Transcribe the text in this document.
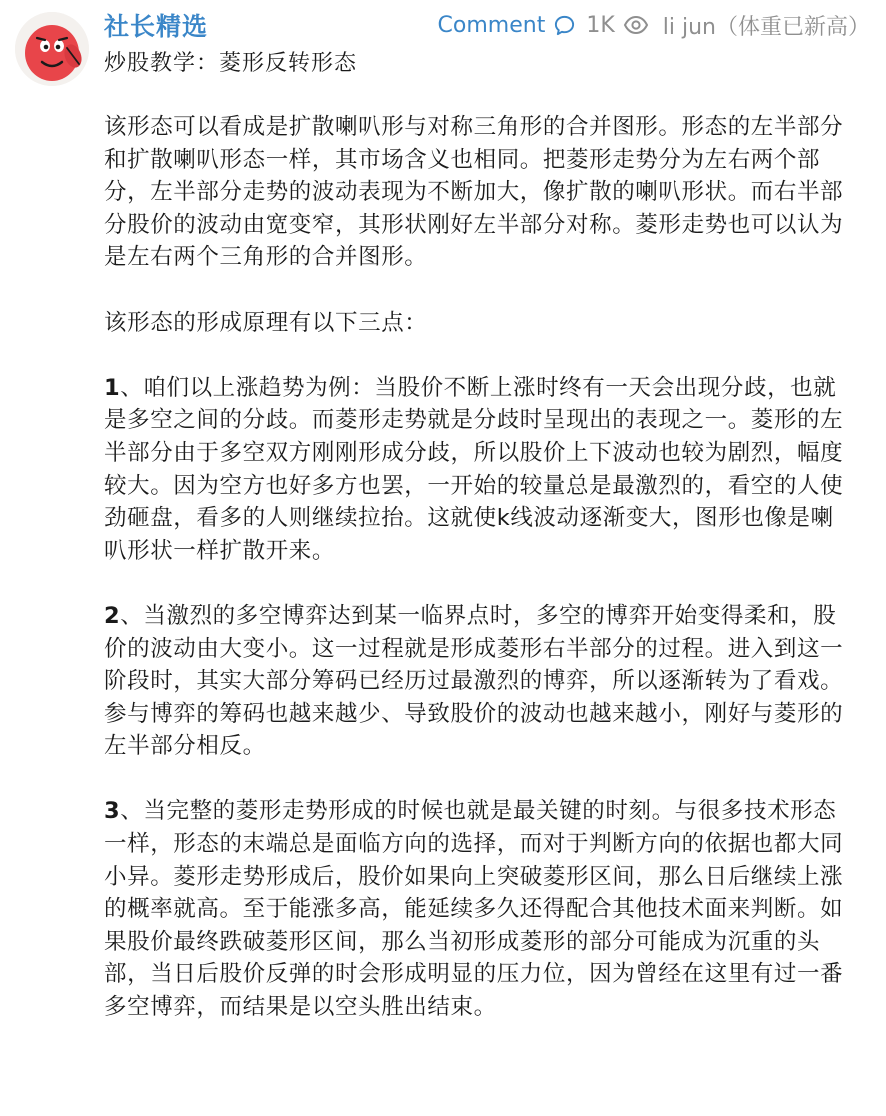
社长精选	Comment 1K li jun（体重已新高）
炒股教学：菱形反转形态

该形态可以看成是扩散喇叭形与对称三角形的合并图形。形态的左半部分和扩散喇叭形态一样，其市场含义也相同。把菱形走势分为左右两个部分，左半部分走势的波动表现为不断加大，像扩散的喇叭形状。而右半部分股价的波动由宽变窄，其形状刚好左半部分对称。菱形走势也可以认为是左右两个三角形的合并图形。

该形态的形成原理有以下三点：

1、咱们以上涨趋势为例：当股价不断上涨时终有一天会出现分歧，也就是多空之间的分歧。而菱形走势就是分歧时呈现出的表现之一。菱形的左半部分由于多空双方刚刚形成分歧，所以股价上下波动也较为剧烈，幅度较大。因为空方也好多方也罢，一开始的较量总是最激烈的，看空的人使劲砸盘，看多的人则继续拉抬。这就使k线波动逐渐变大，图形也像是喇叭形状一样扩散开来。

2、当激烈的多空博弈达到某一临界点时，多空的博弈开始变得柔和，股价的波动由大变小。这一过程就是形成菱形右半部分的过程。进入到这一阶段时，其实大部分筹码已经历过最激烈的博弈，所以逐渐转为了看戏。参与博弈的筹码也越来越少、导致股价的波动也越来越小，刚好与菱形的左半部分相反。

3、当完整的菱形走势形成的时候也就是最关键的时刻。与很多技术形态一样，形态的末端总是面临方向的选择，而对于判断方向的依据也都大同小异。菱形走势形成后，股价如果向上突破菱形区间，那么日后继续上涨的概率就高。至于能涨多高，能延续多久还得配合其他技术面来判断。如果股价最终跌破菱形区间，那么当初形成菱形的部分可能成为沉重的头部，当日后股价反弹的时会形成明显的压力位，因为曾经在这里有过一番多空博弈，而结果是以空头胜出结束。
